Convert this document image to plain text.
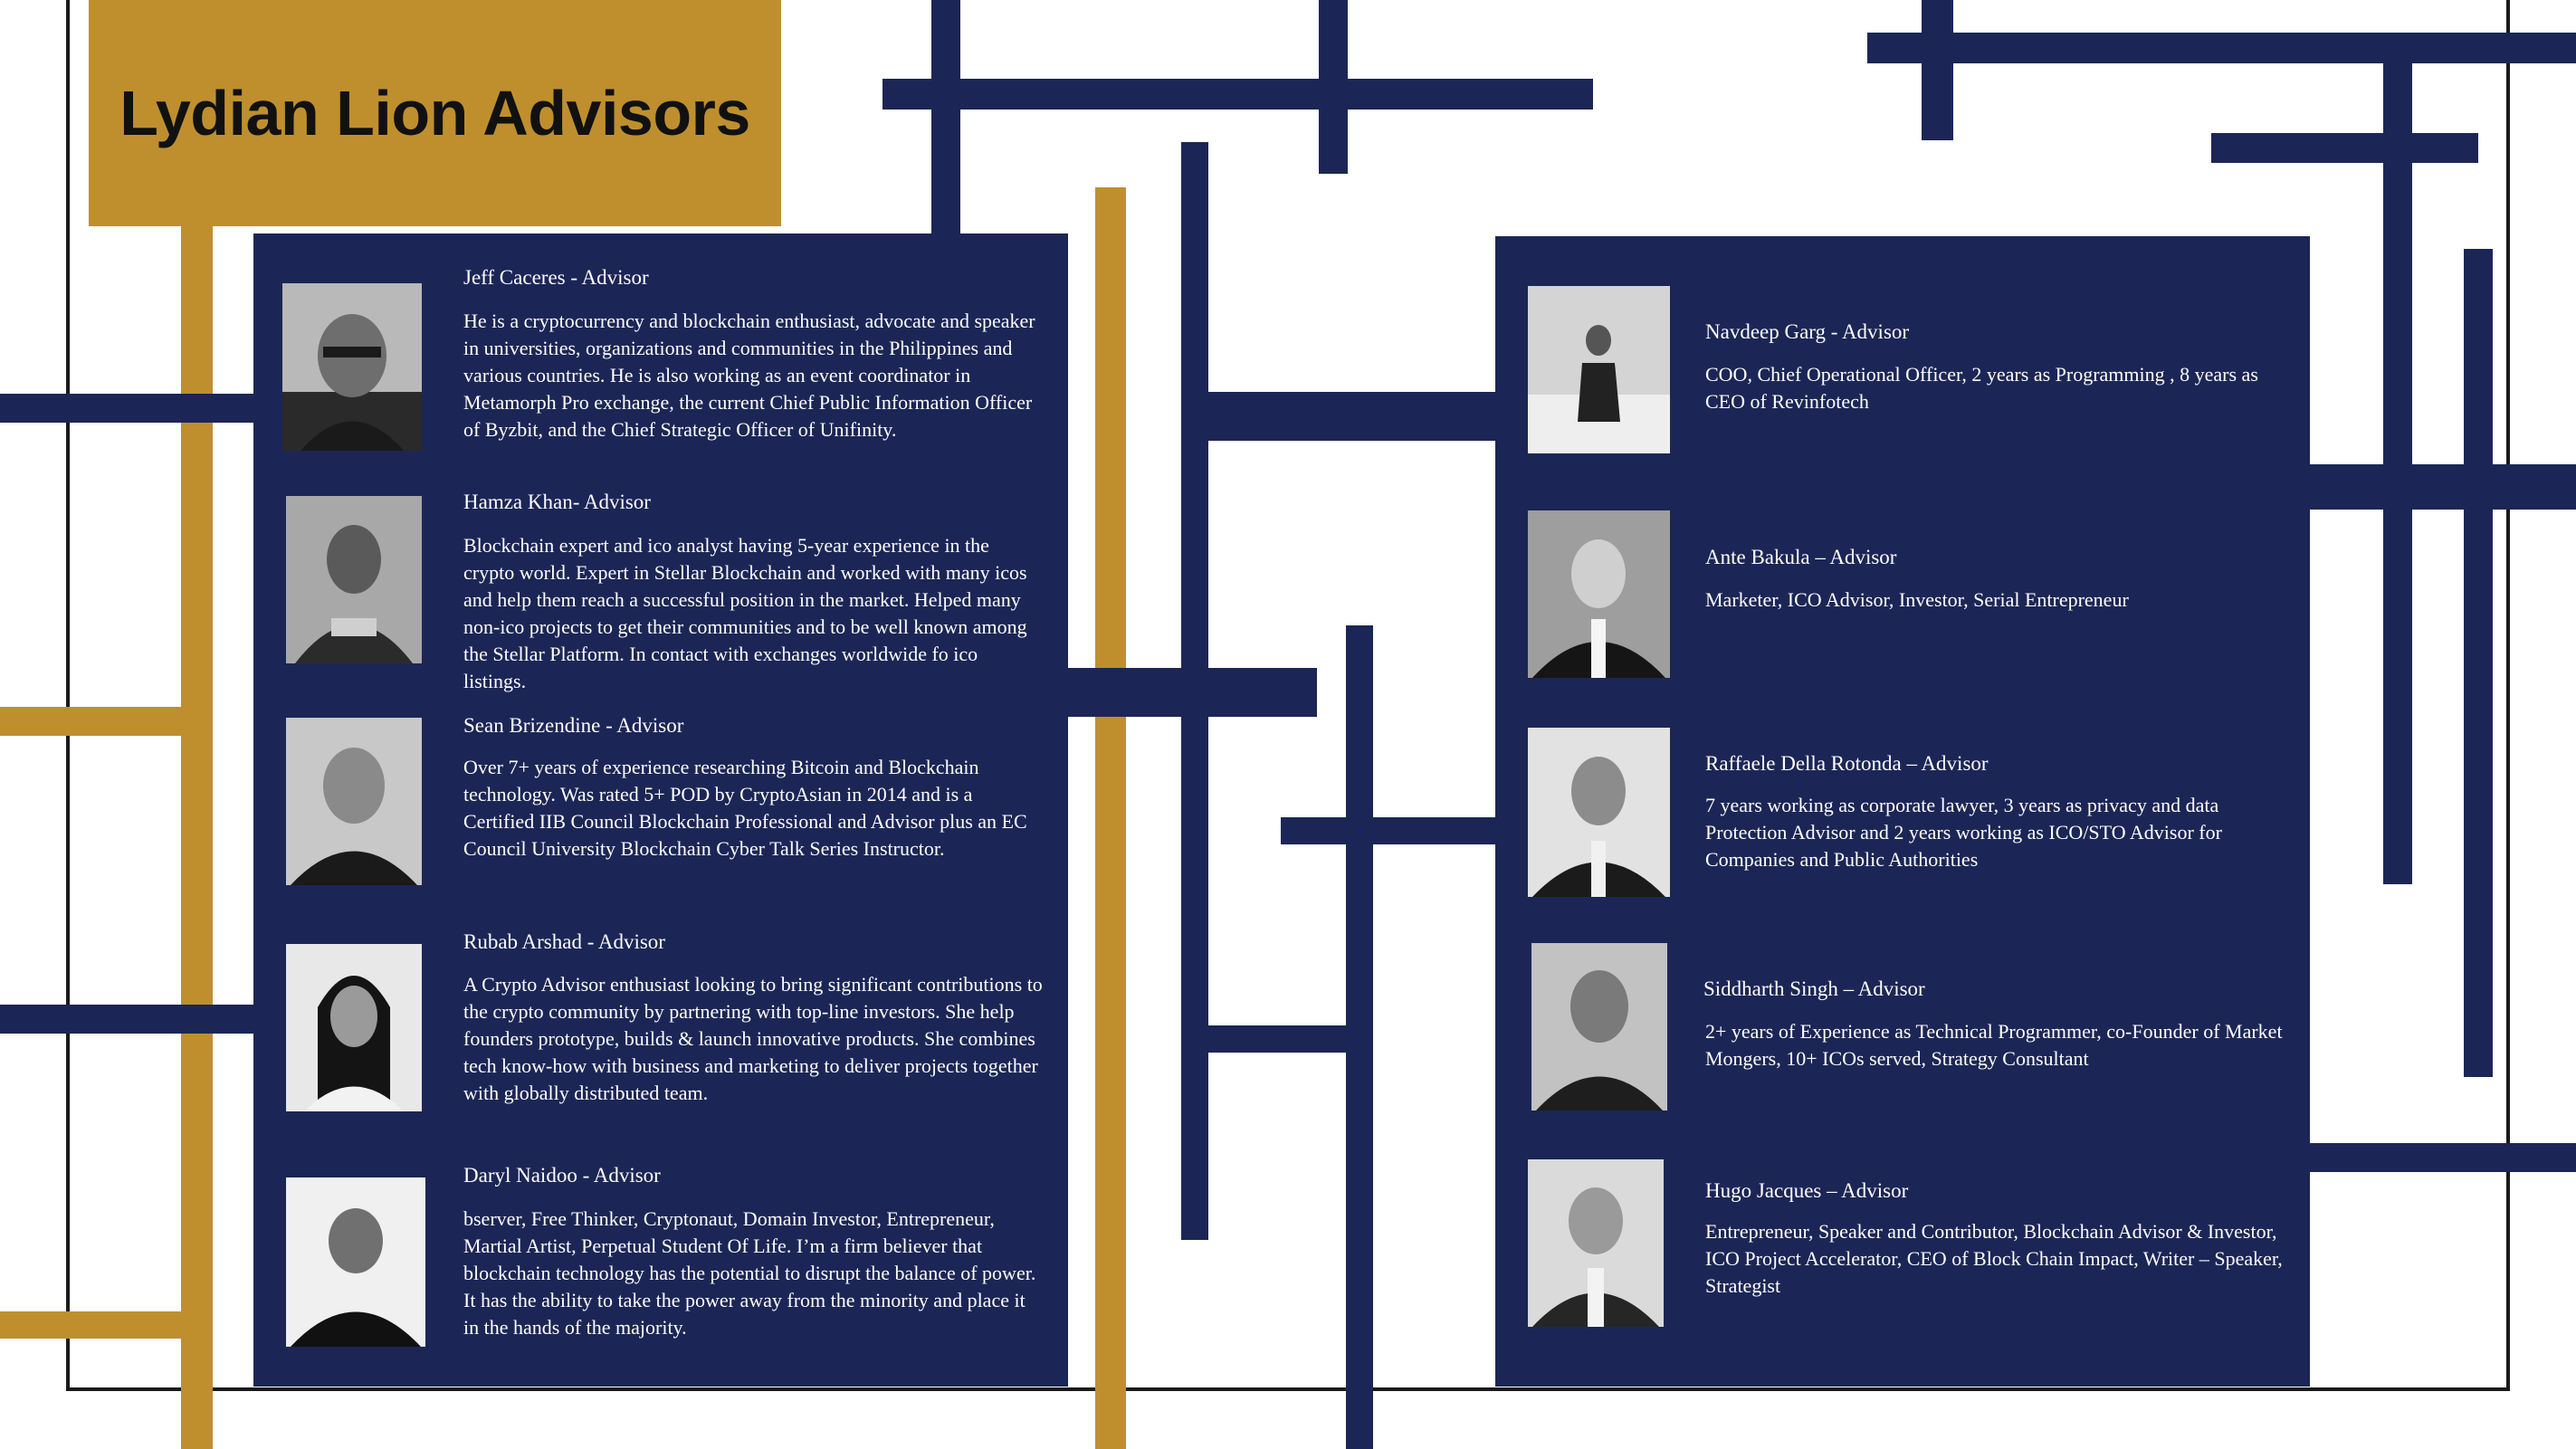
Lydian Lion Advisors
Jeff Caceres - Advisor

He is a cryptocurrency and blockchain enthusiast, advocate and speaker in universities, organizations and communities in the Philippines and various countries. He is also working as an event coordinator in Metamorph Pro exchange, the current Chief Public Information Officer of Byzbit, and the Chief Strategic Officer of Unifinity.

Hamza Khan- Advisor

Blockchain expert and ico analyst having 5-year experience in the crypto world. Expert in Stellar Blockchain and worked with many icos and help them reach a successful position in the market. Helped many non-ico projects to get their communities and to be well known among the Stellar Platform. In contact with exchanges worldwide fo ico listings.

Sean Brizendine - Advisor

Over 7+ years of experience researching Bitcoin and Blockchain technology. Was rated 5+ POD by CryptoAsian in 2014 and is a Certified IIB Council Blockchain Professional and Advisor plus an EC Council University Blockchain Cyber Talk Series Instructor.

Rubab Arshad - Advisor

A Crypto Advisor enthusiast looking to bring significant contributions to the crypto community by partnering with top-line investors. She help founders prototype, builds & launch innovative products. She combines tech know-how with business and marketing to deliver projects together with globally distributed team.

Daryl Naidoo - Advisor

bserver, Free Thinker, Cryptonaut, Domain Investor, Entrepreneur, Martial Artist, Perpetual Student Of Life. I’m a firm believer that blockchain technology has the potential to disrupt the balance of power. It has the ability to take the power away from the minority and place it in the hands of the majority.

Navdeep Garg - Advisor

COO, Chief Operational Officer, 2 years as Programming , 8 years as CEO of Revinfotech

Ante Bakula – Advisor

Marketer, ICO Advisor, Investor, Serial Entrepreneur

Raffaele Della Rotonda – Advisor

7 years working as corporate lawyer, 3 years as privacy and data Protection Advisor and 2 years working as ICO/STO Advisor for Companies and Public Authorities

Siddharth Singh – Advisor

2+ years of Experience as Technical Programmer, co-Founder of Market Mongers, 10+ ICOs served, Strategy Consultant

Hugo Jacques – Advisor

Entrepreneur, Speaker and Contributor, Blockchain Advisor & Investor, ICO Project Accelerator, CEO of Block Chain Impact, Writer – Speaker, Strategist
